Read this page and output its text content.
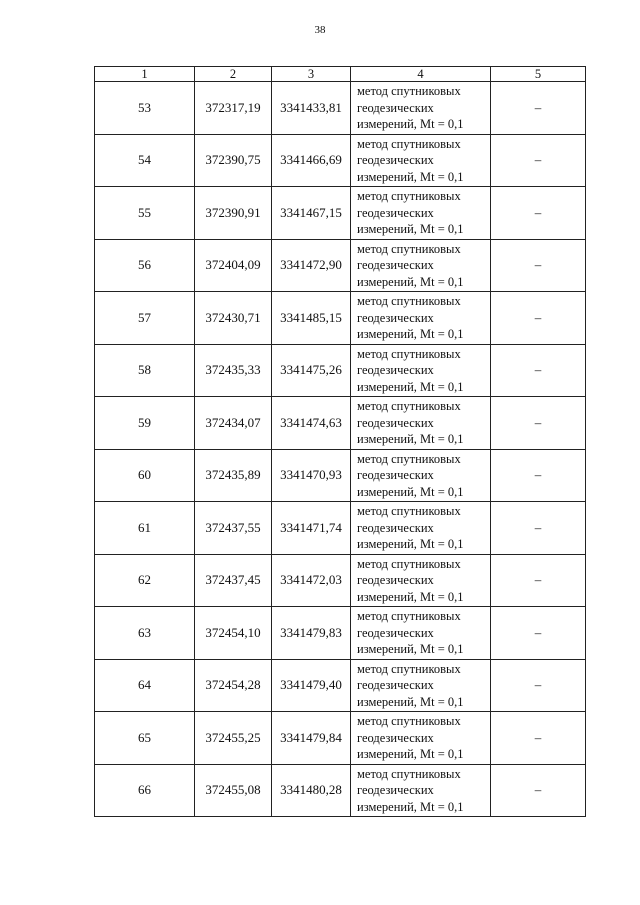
38
1	2	3	4	5
53	372317,19	3341433,81	метод спутниковых
геодезических
измерений, Mt = 0,1	–
54	372390,75	3341466,69	метод спутниковых
геодезических
измерений, Mt = 0,1	–
55	372390,91	3341467,15	метод спутниковых
геодезических
измерений, Mt = 0,1	–
56	372404,09	3341472,90	метод спутниковых
геодезических
измерений, Mt = 0,1	–
57	372430,71	3341485,15	метод спутниковых
геодезических
измерений, Mt = 0,1	–
58	372435,33	3341475,26	метод спутниковых
геодезических
измерений, Mt = 0,1	–
59	372434,07	3341474,63	метод спутниковых
геодезических
измерений, Mt = 0,1	–
60	372435,89	3341470,93	метод спутниковых
геодезических
измерений, Mt = 0,1	–
61	372437,55	3341471,74	метод спутниковых
геодезических
измерений, Mt = 0,1	–
62	372437,45	3341472,03	метод спутниковых
геодезических
измерений, Mt = 0,1	–
63	372454,10	3341479,83	метод спутниковых
геодезических
измерений, Mt = 0,1	–
64	372454,28	3341479,40	метод спутниковых
геодезических
измерений, Mt = 0,1	–
65	372455,25	3341479,84	метод спутниковых
геодезических
измерений, Mt = 0,1	–
66	372455,08	3341480,28	метод спутниковых
геодезических
измерений, Mt = 0,1	–
